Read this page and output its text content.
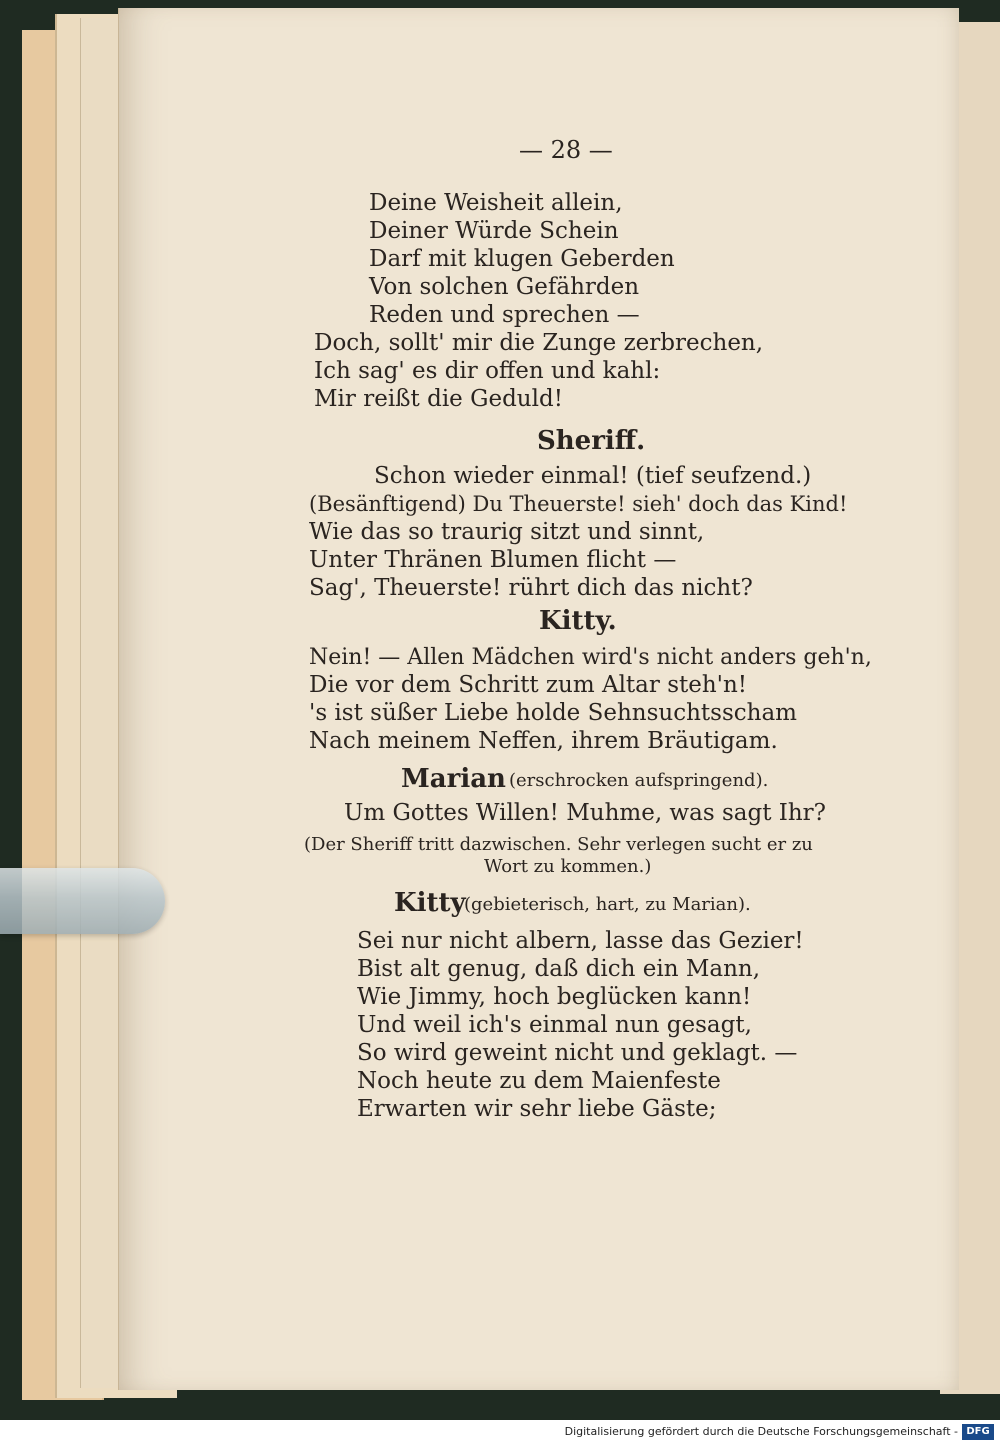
— 28 —
Deine Weisheit allein,
Deiner Würde Schein
Darf mit klugen Geberden
Von solchen Gefährden
Reden und sprechen —
Doch, sollt' mir die Zunge zerbrechen,
Ich sag' es dir offen und kahl:
Mir reißt die Geduld!
Sheriff.
Schon wieder einmal! (tief seufzend.)
(Besänftigend) Du Theuerste! sieh' doch das Kind!
Wie das so traurig sitzt und sinnt,
Unter Thränen Blumen flicht —
Sag', Theuerste! rührt dich das nicht?
Kitty.
Nein! — Allen Mädchen wird's nicht anders geh'n,
Die vor dem Schritt zum Altar steh'n!
's ist süßer Liebe holde Sehnsuchtsscham
Nach meinem Neffen, ihrem Bräutigam.
Marian (erschrocken aufspringend).
Um Gottes Willen! Muhme, was sagt Ihr?
(Der Sheriff tritt dazwischen. Sehr verlegen sucht er zu
Wort zu kommen.)
Kitty
(gebieterisch, hart, zu Marian).
Sei nur nicht albern, lasse das Gezier!
Bist alt genug, daß dich ein Mann,
Wie Jimmy, hoch beglücken kann!
Und weil ich's einmal nun gesagt,
So wird geweint nicht und geklagt. —
Noch heute zu dem Maienfeste
Erwarten wir sehr liebe Gäste;
Digitalisierung gefördert durch die Deutsche Forschungsgemeinschaft - DFG
